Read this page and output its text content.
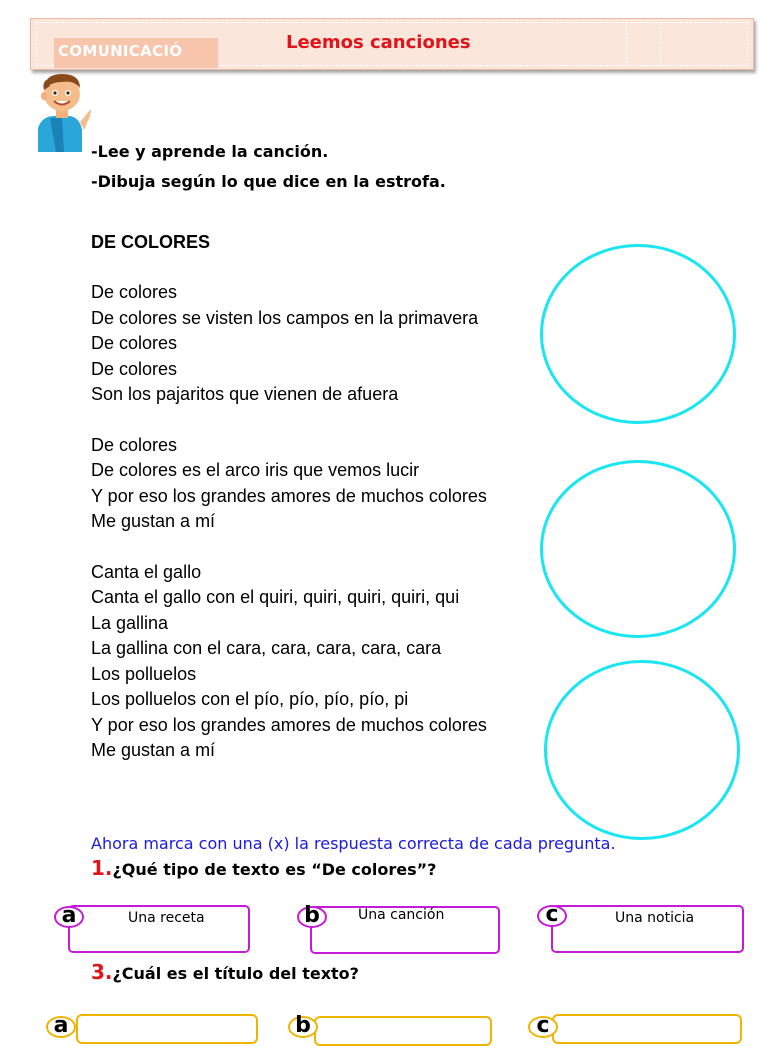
COMUNICACIÓ	Leemos canciones
-Lee y aprende la canción.
-Dibuja según lo que dice en la estrofa.
DE COLORES
De colores
De colores se visten los campos en la primavera
De colores
De colores
Son los pajaritos que vienen de afuera
De colores
De colores es el arco iris que vemos lucir
Y por eso los grandes amores de muchos colores
Me gustan a mí
Canta el gallo
Canta el gallo con el quiri, quiri, quiri, quiri, qui
La gallina
La gallina con el cara, cara, cara, cara, cara
Los polluelos
Los polluelos con el pío, pío, pío, pío, pi
Y por eso los grandes amores de muchos colores
Me gustan a mí
Ahora marca con una (x) la respuesta correcta de cada pregunta.
1.¿Qué tipo de texto es “De colores”?
a	Una receta	b	Una canción	c	Una noticia
3.¿Cuál es el título del texto?
a	b	c
